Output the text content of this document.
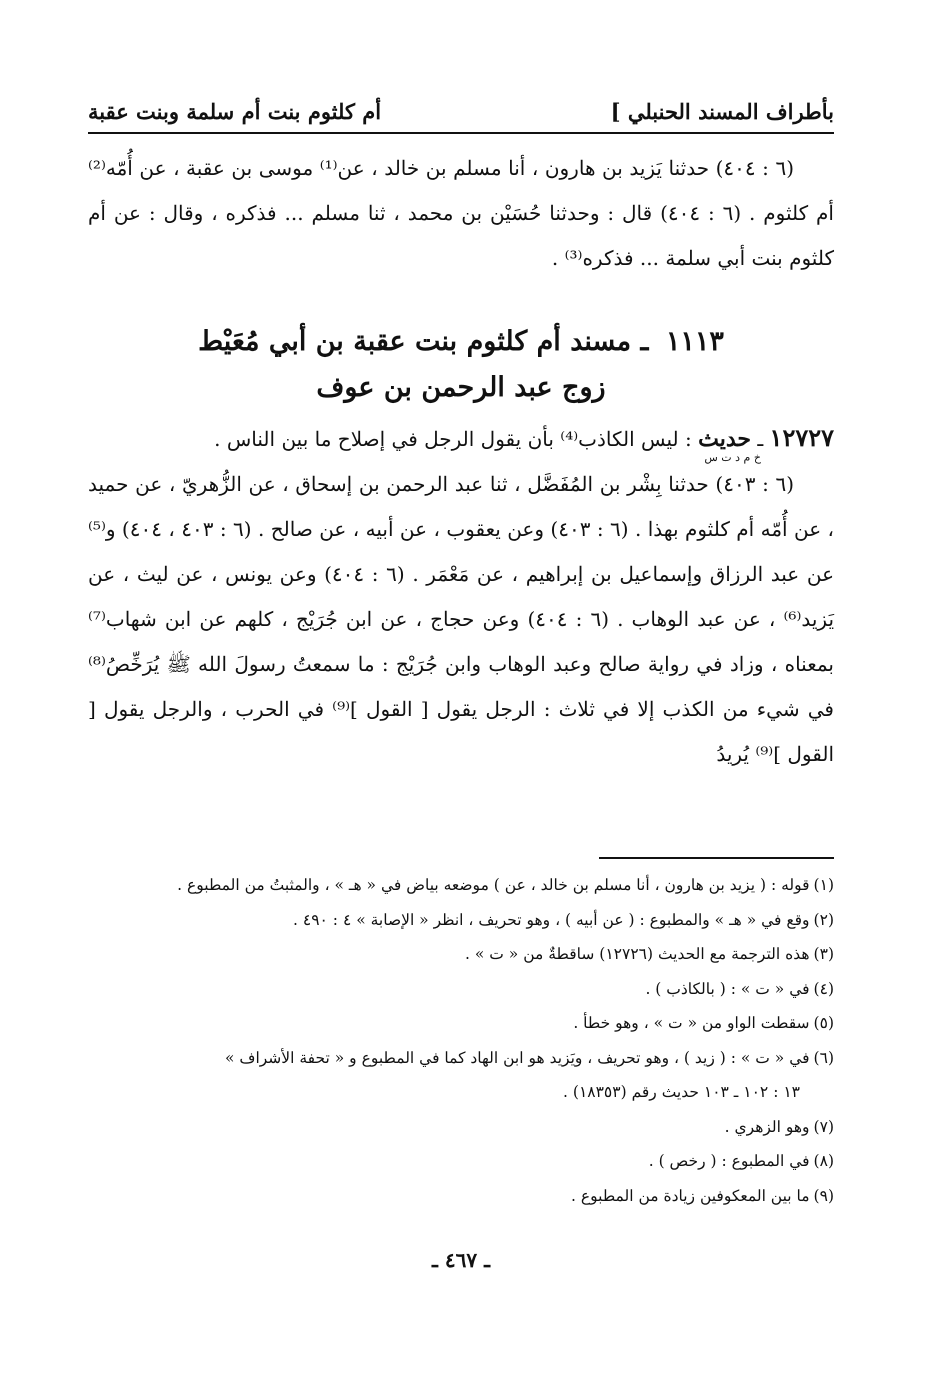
بأطراف المسند الحنبلي ]
أم كلثوم بنت أم سلمة وبنت عقبة

(٦ : ٤٠٤) حدثنا يَزيد بن هارون ، أنا مسلم بن خالد ، عن⁽¹⁾ موسى بن عقبة ، عن أُمّه⁽²⁾ أم كلثوم . (٦ : ٤٠٤) قال : وحدثنا حُسَيْن بن محمد ، ثنا مسلم ... فذكره ، وقال : عن أم كلثوم بنت أبي سلمة ... فذكره⁽³⁾ .

١١١٣ ـ مسند أم كلثوم بنت عقبة بن أبي مُعَيْط
زوج عبد الرحمن بن عوف
١٢٧٢٧ ـ حديث
خ م د ت س
: ليس الكاذب⁽⁴⁾ بأن يقول الرجل في إصلاح ما بين الناس .

(٦ : ٤٠٣) حدثنا بِشْر بن المُفَضَّل ، ثنا عبد الرحمن بن إسحاق ، عن الزُّهريّ ، عن حميد ، عن أُمّه أم كلثوم بهذا . (٦ : ٤٠٣) وعن يعقوب ، عن أبيه ، عن صالح . (٦ : ٤٠٣ ، ٤٠٤) و⁽⁵⁾ عن عبد الرزاق وإسماعيل بن إبراهيم ، عن مَعْمَر . (٦ : ٤٠٤) وعن يونس ، عن ليث ، عن يَزيد⁽⁶⁾ ، عن عبد الوهاب . (٦ : ٤٠٤) وعن حجاج ، عن ابن جُرَيْج ، كلهم عن ابن شهاب⁽⁷⁾ بمعناه ، وزاد في رواية صالح وعبد الوهاب وابن جُرَيْج : ما سمعتُ رسولَ الله ﷺ يُرَخِّصُ⁽⁸⁾ في شيء من الكذب إلا في ثلاث : الرجل يقول [ القول ]⁽⁹⁾ في الحرب ، والرجل يقول [ القول ]⁽⁹⁾ يُريدُ

(١)قوله : ( يزيد بن هارون ، أنا مسلم بن خالد ، عن ) موضعه بياض في « هـ » ، والمثبتُ من المطبوع .

(٢)وقع في « هـ » والمطبوع : ( عن أبيه ) ، وهو تحريف ، انظر « الإصابة » ٤ : ٤٩٠ .

(٣)هذه الترجمة مع الحديث (١٢٧٢٦) ساقطةٌ من « ت » .

(٤)في « ت » : ( بالكاذب ) .

(٥)سقطت الواو من « ت » ، وهو خطأ .

(٦)في « ت » : ( زيد ) ، وهو تحريف ، ويَزيد هو ابن الهاد كما في المطبوع و « تحفة الأشراف »

١٣ : ١٠٢ ـ ١٠٣ حديث رقم (١٨٣٥٣) .

(٧)وهو الزهري .

(٨)في المطبوع : ( رخص ) .

(٩)ما بين المعكوفين زيادة من المطبوع .

ـ ٤٦٧ ـ
